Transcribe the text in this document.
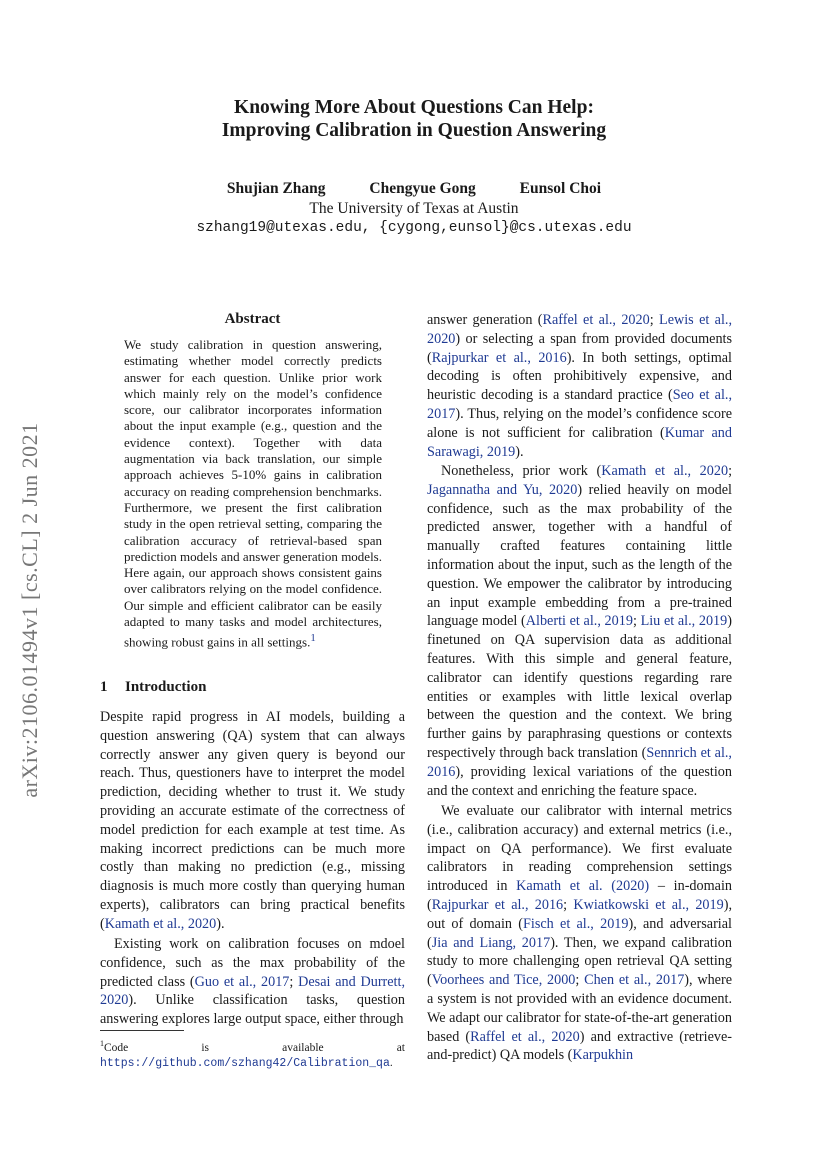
arXiv:2106.01494v1 [cs.CL] 2 Jun 2021
Knowing More About Questions Can Help:
Improving Calibration in Question Answering
Shujian Zhang	Chengyue Gong	Eunsol Choi
The University of Texas at Austin
szhang19@utexas.edu, {cygong,eunsol}@cs.utexas.edu
Abstract
We study calibration in question answering, estimating whether model correctly predicts answer for each question. Unlike prior work which mainly rely on the model’s confidence score, our calibrator incorporates information about the input example (e.g., question and the evidence context). Together with data augmentation via back translation, our simple approach achieves 5-10% gains in calibration accuracy on reading comprehension benchmarks. Furthermore, we present the first calibration study in the open retrieval setting, comparing the calibration accuracy of retrieval-based span prediction models and answer generation models. Here again, our approach shows consistent gains over calibrators relying on the model confidence. Our simple and efficient calibrator can be easily adapted to many tasks and model architectures, showing robust gains in all settings.$^1$
1 Introduction
Despite rapid progress in AI models, building a question answering (QA) system that can always correctly answer any given query is beyond our reach. Thus, questioners have to interpret the model prediction, deciding whether to trust it. We study providing an accurate estimate of the correctness of model prediction for each example at test time. As making incorrect predictions can be much more costly than making no prediction (e.g., missing diagnosis is much more costly than querying human experts), calibrators can bring practical benefits (Kamath et al., 2020).
Existing work on calibration focuses on mdoel confidence, such as the max probability of the predicted class (Guo et al., 2017; Desai and Durrett, 2020). Unlike classification tasks, question answering explores large output space, either through
$^1$Code is available at https://github.com/szhang42/Calibration_qa.
answer generation (Raffel et al., 2020; Lewis et al., 2020) or selecting a span from provided documents (Rajpurkar et al., 2016). In both settings, optimal decoding is often prohibitively expensive, and heuristic decoding is a standard practice (Seo et al., 2017). Thus, relying on the model’s confidence score alone is not sufficient for calibration (Kumar and Sarawagi, 2019).
Nonetheless, prior work (Kamath et al., 2020; Jagannatha and Yu, 2020) relied heavily on model confidence, such as the max probability of the predicted answer, together with a handful of manually crafted features containing little information about the input, such as the length of the question. We empower the calibrator by introducing an input example embedding from a pre-trained language model (Alberti et al., 2019; Liu et al., 2019) finetuned on QA supervision data as additional features. With this simple and general feature, calibrator can identify questions regarding rare entities or examples with little lexical overlap between the question and the context. We bring further gains by paraphrasing questions or contexts respectively through back translation (Sennrich et al., 2016), providing lexical variations of the question and the context and enriching the feature space.
We evaluate our calibrator with internal metrics (i.e., calibration accuracy) and external metrics (i.e., impact on QA performance). We first evaluate calibrators in reading comprehension settings introduced in Kamath et al. (2020) – in-domain (Rajpurkar et al., 2016; Kwiatkowski et al., 2019), out of domain (Fisch et al., 2019), and adversarial (Jia and Liang, 2017). Then, we expand calibration study to more challenging open retrieval QA setting (Voorhees and Tice, 2000; Chen et al., 2017), where a system is not provided with an evidence document. We adapt our calibrator for state-of-the-art generation based (Raffel et al., 2020) and extractive (retrieve-and-predict) QA models (Karpukhin
